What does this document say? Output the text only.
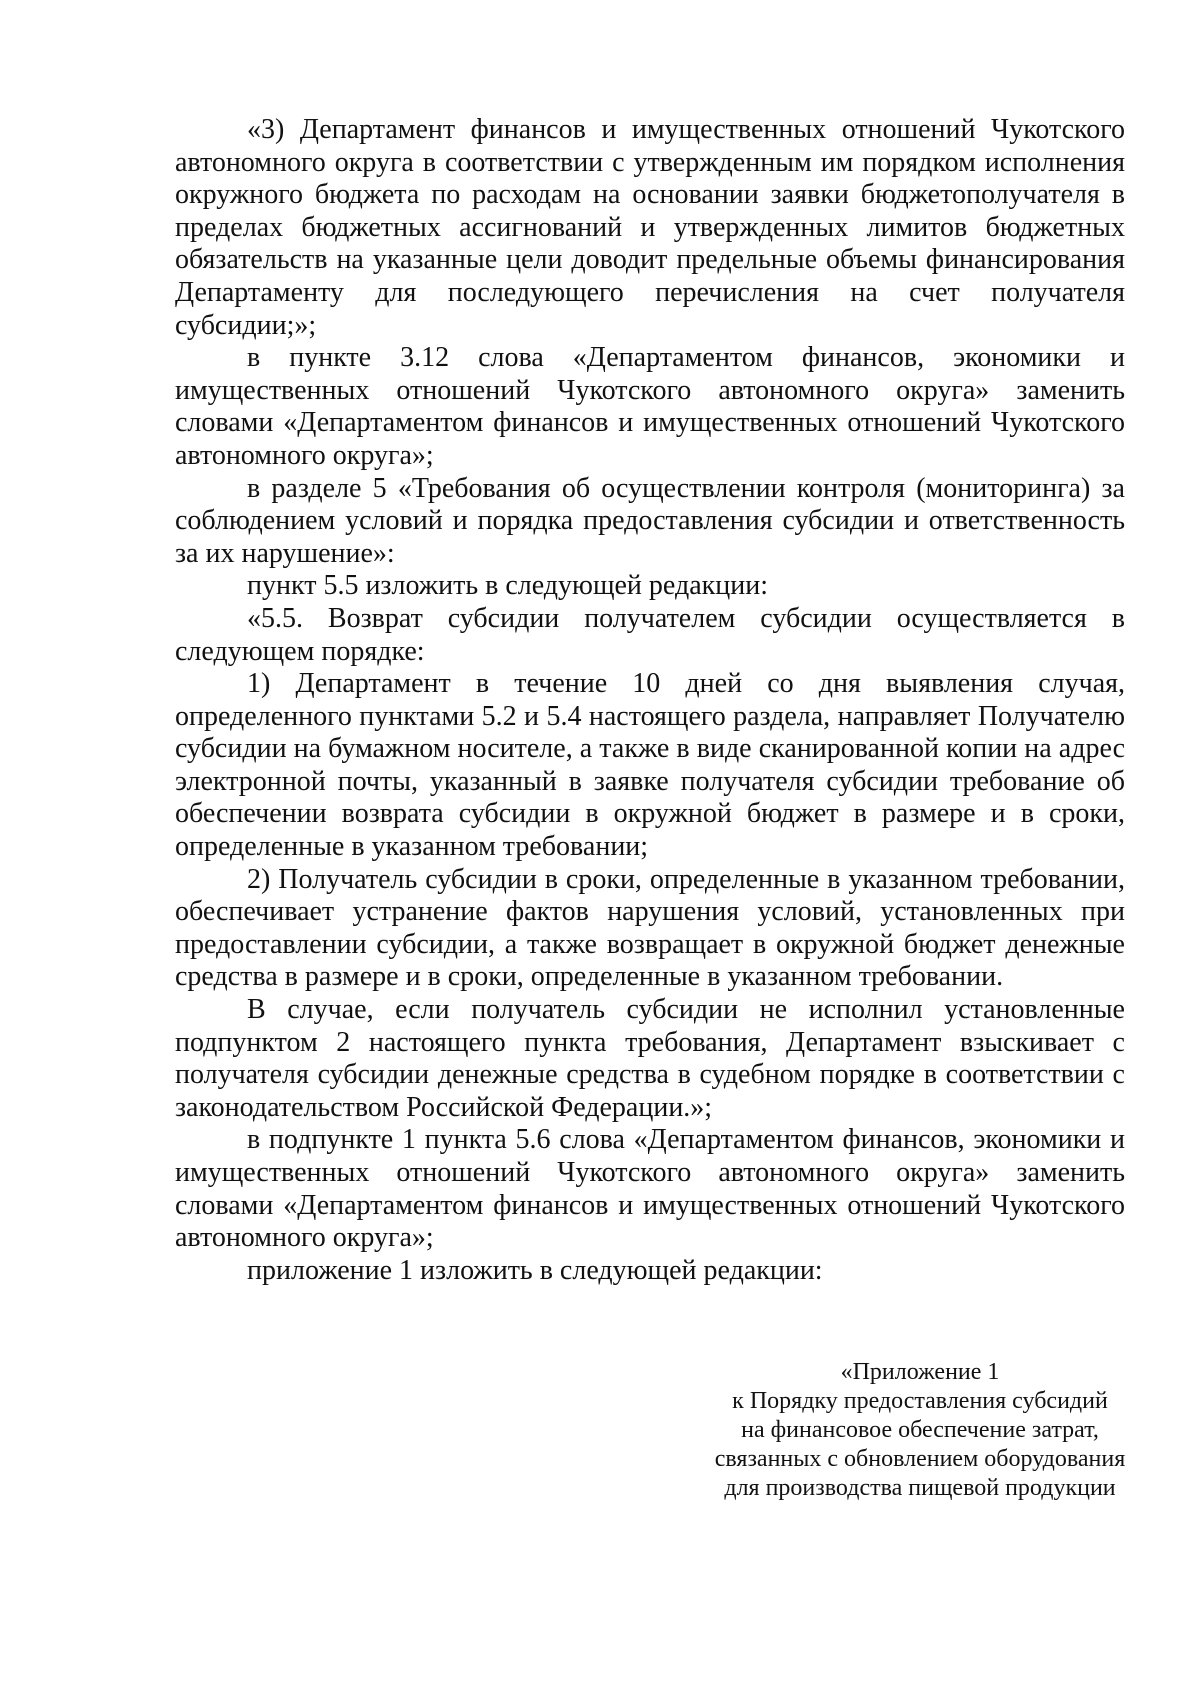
«3) Департамент финансов и имущественных отношений Чукотского автономного округа в соответствии с утвержденным им порядком исполнения окружного бюджета по расходам на основании заявки бюджетополучателя в пределах бюджетных ассигнований и утвержденных лимитов бюджетных обязательств на указанные цели доводит предельные объемы финансирования Департаменту для последующего перечисления на счет получателя субсидии;»;

в пункте 3.12 слова «Департаментом финансов, экономики и имущественных отношений Чукотского автономного округа» заменить словами «Департаментом финансов и имущественных отношений Чукотского автономного округа»;

в разделе 5 «Требования об осуществлении контроля (мониторинга) за соблюдением условий и порядка предоставления субсидии и ответственность за их нарушение»:

пункт 5.5 изложить в следующей редакции:

«5.5. Возврат субсидии получателем субсидии осуществляется в следующем порядке:

1) Департамент в течение 10 дней со дня выявления случая, определенного пунктами 5.2 и 5.4 настоящего раздела, направляет Получателю субсидии на бумажном носителе, а также в виде сканированной копии на адрес электронной почты, указанный в заявке получателя субсидии требование об обеспечении возврата субсидии в окружной бюджет в размере и в сроки, определенные в указанном требовании;

2) Получатель субсидии в сроки, определенные в указанном требовании, обеспечивает устранение фактов нарушения условий, установленных при предоставлении субсидии, а также возвращает в окружной бюджет денежные средства в размере и в сроки, определенные в указанном требовании.

В случае, если получатель субсидии не исполнил установленные подпунктом 2 настоящего пункта требования, Департамент взыскивает с получателя субсидии денежные средства в судебном порядке в соответствии с законодательством Российской Федерации.»;

в подпункте 1 пункта 5.6 слова «Департаментом финансов, экономики и имущественных отношений Чукотского автономного округа» заменить словами «Департаментом финансов и имущественных отношений Чукотского автономного округа»;

приложение 1 изложить в следующей редакции:

«Приложение 1
к Порядку предоставления субсидий
на финансовое обеспечение затрат,
связанных с обновлением оборудования
для производства пищевой продукции
